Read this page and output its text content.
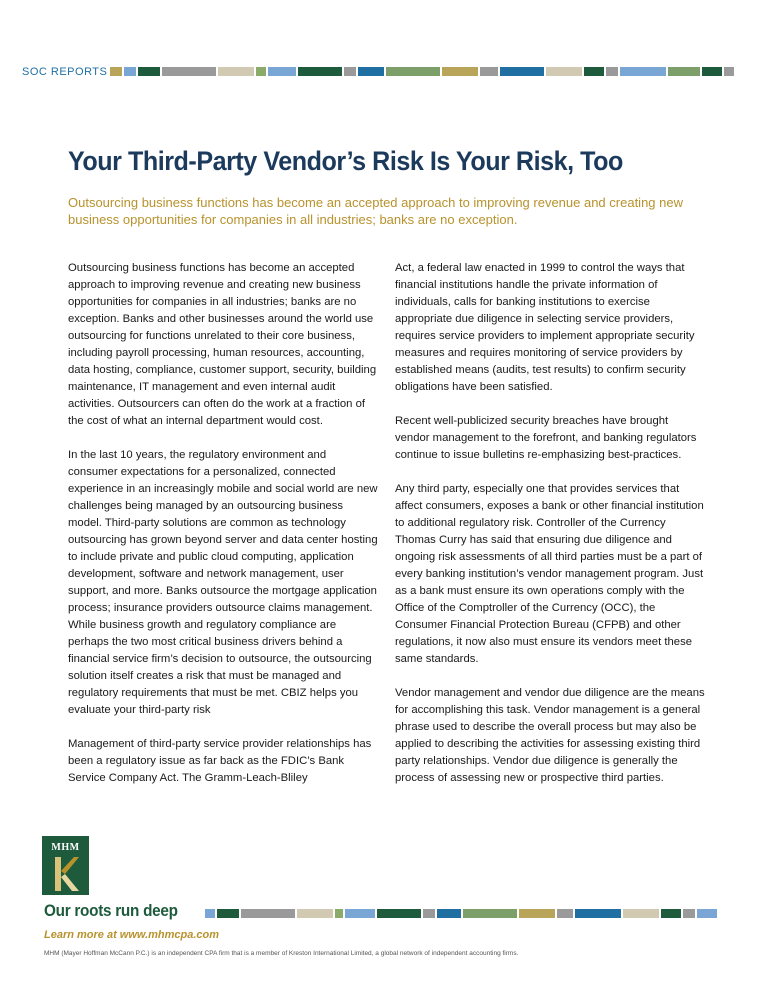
SOC REPORTS
Your Third-Party Vendor’s Risk Is Your Risk, Too

Outsourcing business functions has become an accepted approach to improving revenue and creating new business opportunities for companies in all industries; banks are no exception.

Outsourcing business functions has become an accepted approach to improving revenue and creating new business opportunities for companies in all industries; banks are no exception. Banks and other businesses around the world use outsourcing for functions unrelated to their core business, including payroll processing, human resources, accounting, data hosting, compliance, customer support, security, building maintenance, IT management and even internal audit activities. Outsourcers can often do the work at a fraction of the cost of what an internal department would cost.

In the last 10 years, the regulatory environment and consumer expectations for a personalized, connected experience in an increasingly mobile and social world are new challenges being managed by an outsourcing business model. Third-party solutions are common as technology outsourcing has grown beyond server and data center hosting to include private and public cloud computing, application development, software and network management, user support, and more. Banks outsource the mortgage application process; insurance providers outsource claims management. While business growth and regulatory compliance are perhaps the two most critical business drivers behind a financial service firm’s decision to outsource, the outsourcing solution itself creates a risk that must be managed and regulatory requirements that must be met. CBIZ helps you evaluate your third-party risk

Management of third-party service provider relationships has been a regulatory issue as far back as the FDIC’s Bank Service Company Act. The Gramm-Leach-Bliley

Act, a federal law enacted in 1999 to control the ways that financial institutions handle the private information of individuals, calls for banking institutions to exercise appropriate due diligence in selecting service providers, requires service providers to implement appropriate security measures and requires monitoring of service providers by established means (audits, test results) to confirm security obligations have been satisfied.

Recent well-publicized security breaches have brought vendor management to the forefront, and banking regulators continue to issue bulletins re-emphasizing best-practices.

Any third party, especially one that provides services that affect consumers, exposes a bank or other financial institution to additional regulatory risk. Controller of the Currency Thomas Curry has said that ensuring due diligence and ongoing risk assessments of all third parties must be a part of every banking institution’s vendor management program. Just as a bank must ensure its own operations comply with the Office of the Comptroller of the Currency (OCC), the Consumer Financial Protection Bureau (CFPB) and other regulations, it now also must ensure its vendors meet these same standards.

Vendor management and vendor due diligence are the means for accomplishing this task. Vendor management is a general phrase used to describe the overall process but may also be applied to describing the activities for assessing existing third party relationships. Vendor due diligence is generally the process of assessing new or prospective third parties.

MHM
Our roots run deep
Learn more at www.mhmcpa.com
MHM (Mayer Hoffman McCann P.C.) is an independent CPA firm that is a member of Kreston International Limited, a global network of independent accounting firms.
